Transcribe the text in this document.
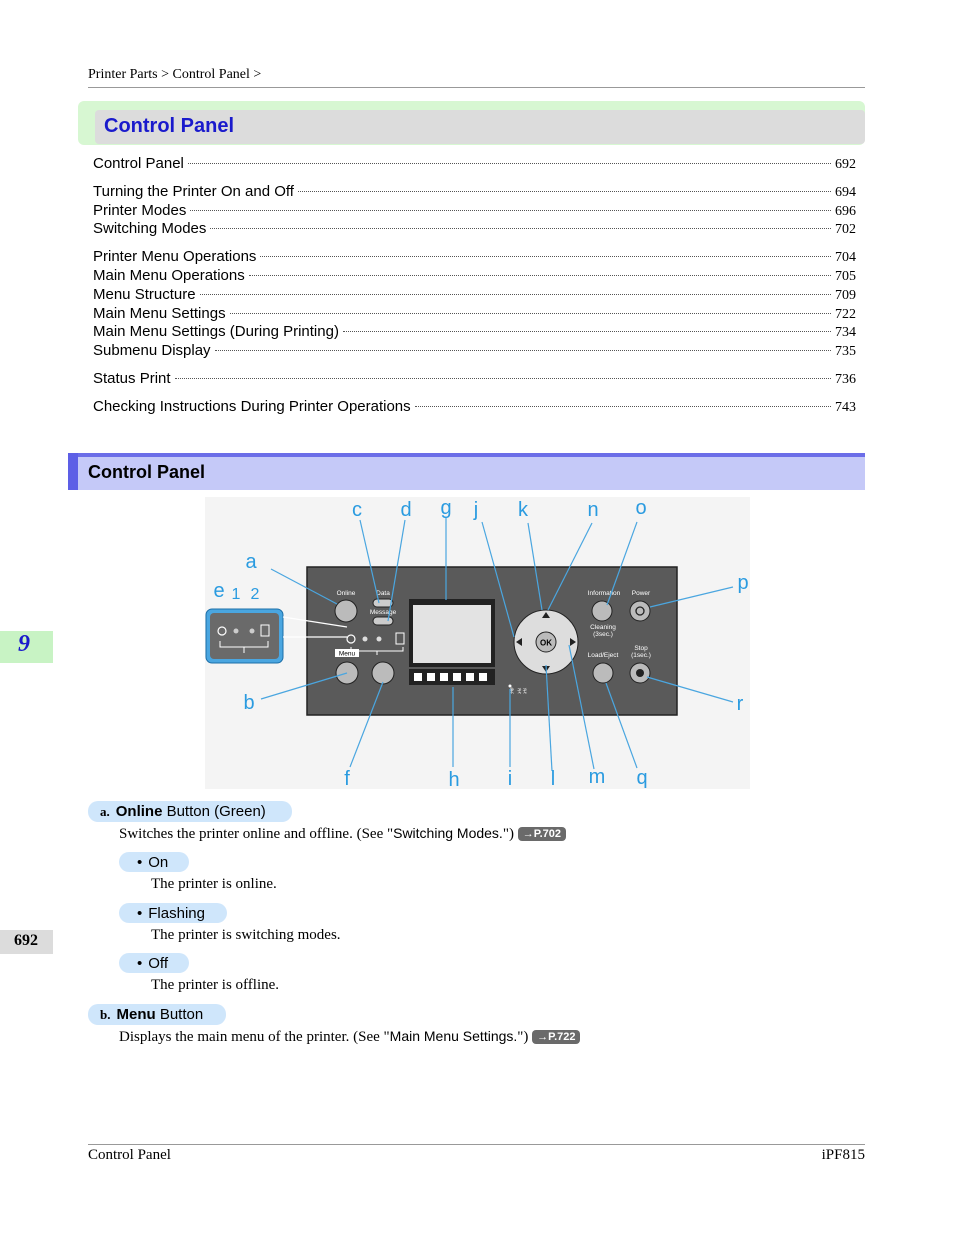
Printer Parts > Control Panel >
Control Panel
Control Panel	692
Turning the Printer On and Off	694
Printer Modes	696
Switching Modes	702
Printer Menu Operations	704
Main Menu Operations	705
Menu Structure	709
Main Menu Settings	722
Main Menu Settings (During Printing)	734
Submenu Display	735
Status Print	736
Checking Instructions During Printer Operations	743
Control Panel
9
692
Online	Data
Message
Menu
ꈹ ꉂꉂ
OK
Information
Cleaning
(3sec.)
Power
Load/Eject
Stop
(1sec.)
a
b
c d
e 1 2
f
g
h i
j k
l m
n o
p
q
r
a. Online Button (Green)
Switches the printer online and offline. (See "Switching Modes.") →P.702
• On
The printer is online.
• Flashing
The printer is switching modes.
• Off
The printer is offline.
b. Menu Button
Displays the main menu of the printer. (See "Main Menu Settings.") →P.722
Control Panel	iPF815
